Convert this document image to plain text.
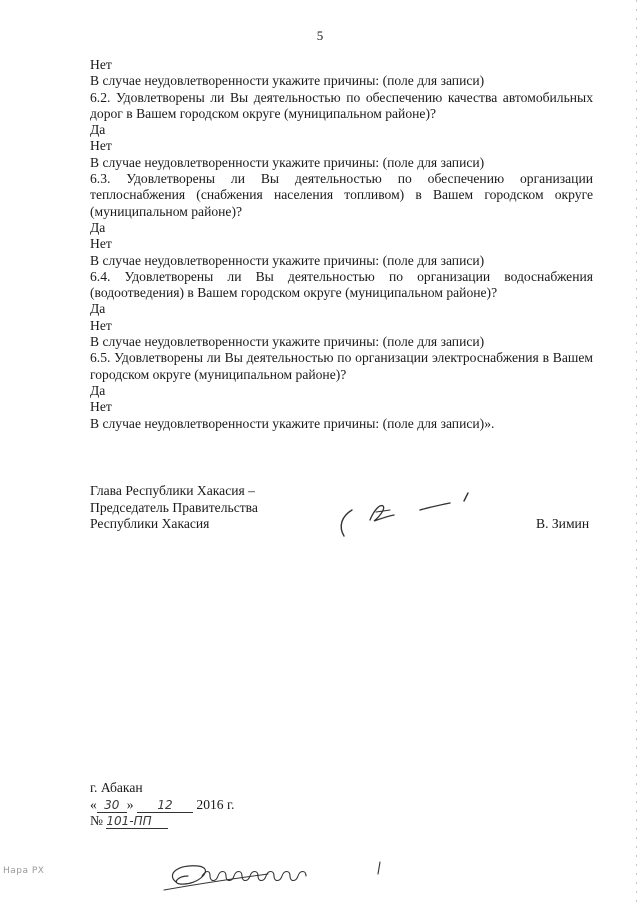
5
Нет
В случае неудовлетворенности укажите причины: (поле для записи)
6.2. Удовлетворены ли Вы деятельностью по обеспечению качества автомобильных дорог в Вашем городском округе (муниципальном районе)?
Да
Нет
В случае неудовлетворенности укажите причины: (поле для записи)
6.3. Удовлетворены ли Вы деятельностью по обеспечению организации теплоснабжения (снабжения населения топливом) в Вашем городском округе (муниципальном районе)?
Да
Нет
В случае неудовлетворенности укажите причины: (поле для записи)
6.4. Удовлетворены ли Вы деятельностью по организации водоснабжения (водоотведения) в Вашем городском округе (муниципальном районе)?
Да
Нет
В случае неудовлетворенности укажите причины: (поле для записи)
6.5. Удовлетворены ли Вы деятельностью по организации электроснабжения в Вашем городском округе (муниципальном районе)?
Да
Нет
В случае неудовлетворенности укажите причины: (поле для записи)».
Глава Республики Хакасия –
Председатель Правительства
Республики Хакасия	В. Зимин
г. Абакан
« 30 » 12 2016 г.
№ 101-ПП
Нара РХ
